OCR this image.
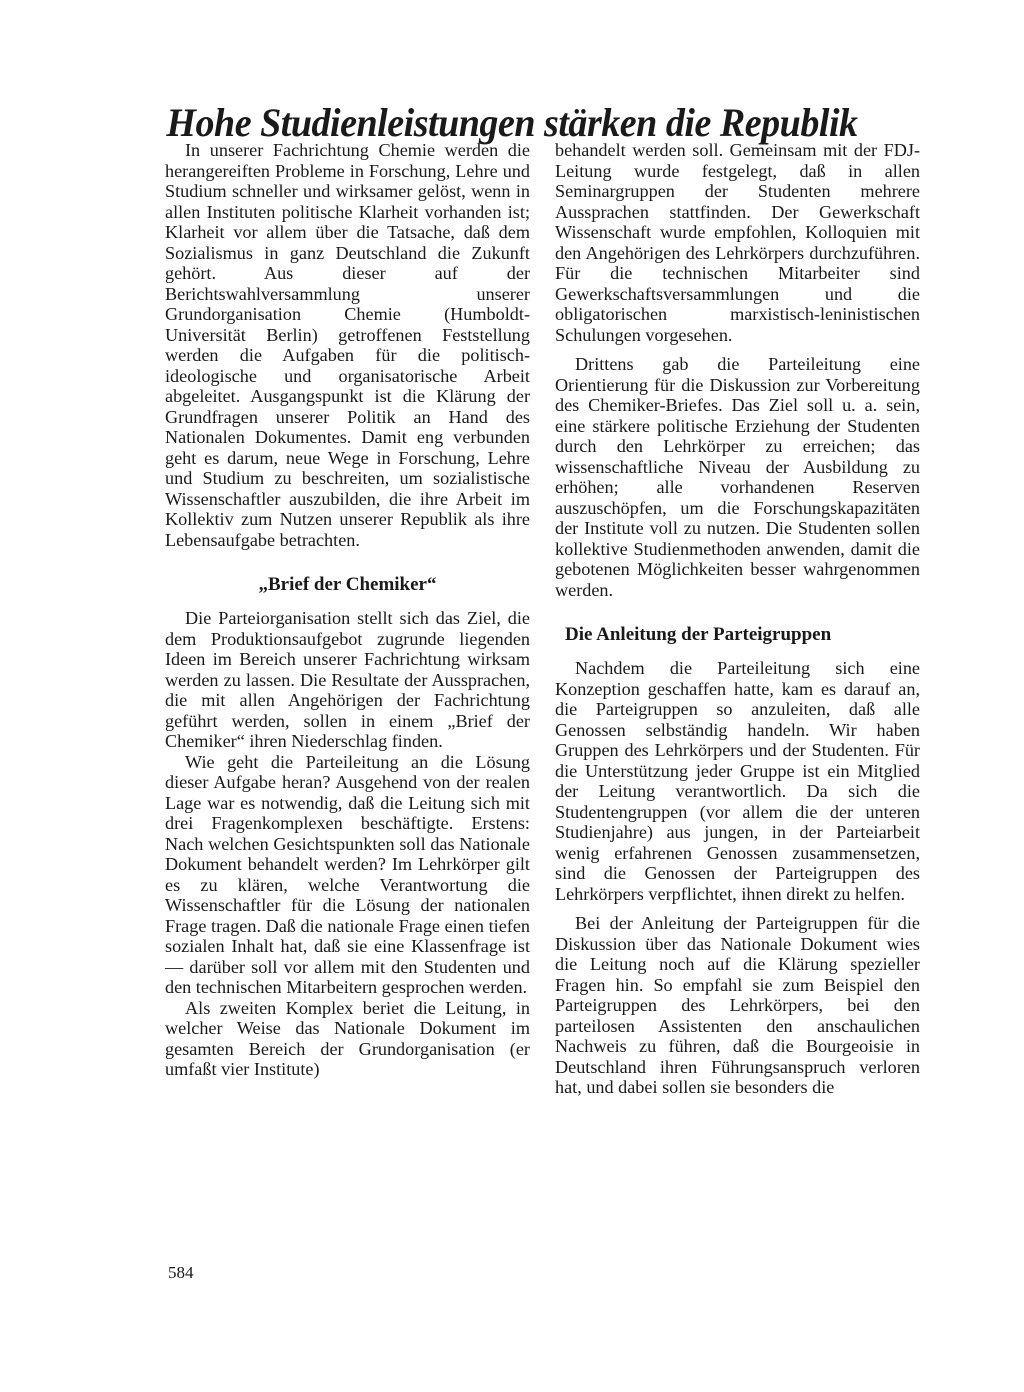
Hohe Studienleistungen stärken die Republik

In unserer Fachrichtung Chemie werden die herangereiften Probleme in Forschung, Lehre und Studium schneller und wirksamer gelöst, wenn in allen Instituten politische Klarheit vorhanden ist; Klarheit vor allem über die Tatsache, daß dem Sozialismus in ganz Deutschland die Zukunft gehört. Aus dieser auf der Berichtswahlversammlung unserer Grundorganisation Chemie (Humboldt-Universität Berlin) getroffenen Feststellung werden die Aufgaben für die politisch-ideologische und organisatorische Arbeit abgeleitet. Ausgangspunkt ist die Klärung der Grundfragen unserer Politik an Hand des Nationalen Dokumentes. Damit eng verbunden geht es darum, neue Wege in Forschung, Lehre und Studium zu beschreiten, um sozialistische Wissenschaftler auszubilden, die ihre Arbeit im Kollektiv zum Nutzen unserer Republik als ihre Lebensaufgabe betrachten.

„Brief der Chemiker“

Die Parteiorganisation stellt sich das Ziel, die dem Produktionsaufgebot zugrunde liegenden Ideen im Bereich unserer Fachrichtung wirksam werden zu lassen. Die Resultate der Aussprachen, die mit allen Angehörigen der Fachrichtung geführt werden, sollen in einem „Brief der Chemiker“ ihren Niederschlag finden.

Wie geht die Parteileitung an die Lösung dieser Aufgabe heran? Ausgehend von der realen Lage war es notwendig, daß die Leitung sich mit drei Fragenkomplexen beschäftigte. Erstens: Nach welchen Gesichtspunkten soll das Nationale Dokument behandelt werden? Im Lehrkörper gilt es zu klären, welche Verantwortung die Wissenschaftler für die Lösung der nationalen Frage tragen. Daß die nationale Frage einen tiefen sozialen Inhalt hat, daß sie eine Klassenfrage ist — darüber soll vor allem mit den Studenten und den technischen Mitarbeitern gesprochen werden.

Als zweiten Komplex beriet die Leitung, in welcher Weise das Nationale Dokument im gesamten Bereich der Grundorganisation (er umfaßt vier Institute)

behandelt werden soll. Gemeinsam mit der FDJ-Leitung wurde festgelegt, daß in allen Seminargruppen der Studenten mehrere Aussprachen stattfinden. Der Gewerkschaft Wissenschaft wurde empfohlen, Kolloquien mit den Angehörigen des Lehrkörpers durchzuführen. Für die technischen Mitarbeiter sind Gewerkschaftsversammlungen und die obligatorischen marxistisch-leninistischen Schulungen vorgesehen.

Drittens gab die Parteileitung eine Orientierung für die Diskussion zur Vorbereitung des Chemiker-Briefes. Das Ziel soll u. a. sein, eine stärkere politische Erziehung der Studenten durch den Lehrkörper zu erreichen; das wissenschaftliche Niveau der Ausbildung zu erhöhen; alle vorhandenen Reserven auszuschöpfen, um die Forschungskapazitäten der Institute voll zu nutzen. Die Studenten sollen kollektive Studienmethoden anwenden, damit die gebotenen Möglichkeiten besser wahrgenommen werden.

Die Anleitung der Parteigruppen

Nachdem die Parteileitung sich eine Konzeption geschaffen hatte, kam es darauf an, die Parteigruppen so anzuleiten, daß alle Genossen selbständig handeln. Wir haben Gruppen des Lehrkörpers und der Studenten. Für die Unterstützung jeder Gruppe ist ein Mitglied der Leitung verantwortlich. Da sich die Studentengruppen (vor allem die der unteren Studienjahre) aus jungen, in der Parteiarbeit wenig erfahrenen Genossen zusammensetzen, sind die Genossen der Parteigruppen des Lehrkörpers verpflichtet, ihnen direkt zu helfen.

Bei der Anleitung der Parteigruppen für die Diskussion über das Nationale Dokument wies die Leitung noch auf die Klärung spezieller Fragen hin. So empfahl sie zum Beispiel den Parteigruppen des Lehrkörpers, bei den parteilosen Assistenten den anschaulichen Nachweis zu führen, daß die Bourgeoisie in Deutschland ihren Führungsanspruch verloren hat, und dabei sollen sie besonders die

584
